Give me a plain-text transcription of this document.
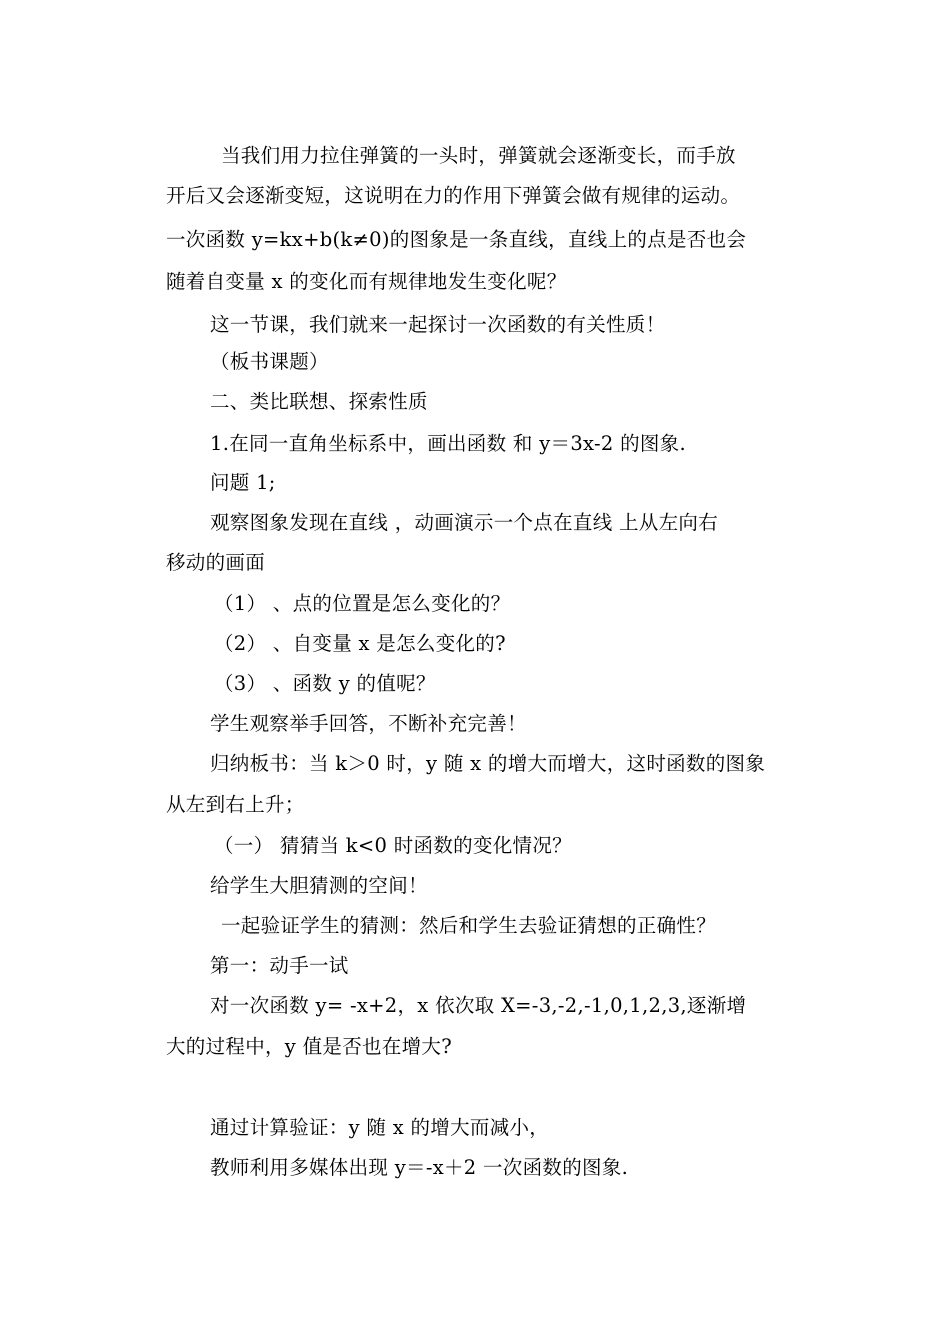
当我们用力拉住弹簧的一头时，弹簧就会逐渐变长，而手放
开后又会逐渐变短，这说明在力的作用下弹簧会做有规律的运动。
一次函数 y=kx+b(k≠0)的图象是一条直线，直线上的点是否也会
随着自变量 x 的变化而有规律地发生变化呢？
这一节课，我们就来一起探讨一次函数的有关性质！
（板书课题）
二、类比联想、探索性质
1.在同一直角坐标系中，画出函数 和 y＝3x-2 的图象.
问题 1;
观察图象发现在直线 ，动画演示一个点在直线 上从左向右
移动的画面
（1） 、点的位置是怎么变化的？
（2） 、自变量 x 是怎么变化的?
（3） 、函数 y 的值呢？
学生观察举手回答，不断补充完善！
归纳板书：当 k＞0 时，y 随 x 的增大而增大，这时函数的图象
从左到右上升；
（一） 猜猜当 k<0 时函数的变化情况？
给学生大胆猜测的空间！
一起验证学生的猜测：然后和学生去验证猜想的正确性？
第一：动手一试
对一次函数 y= -x+2，x 依次取 X=-3,-2,-1,0,1,2,3,逐渐增
大的过程中，y 值是否也在增大?
通过计算验证：y 随 x 的增大而减小，
教师利用多媒体出现 y＝-x＋2 一次函数的图象.
